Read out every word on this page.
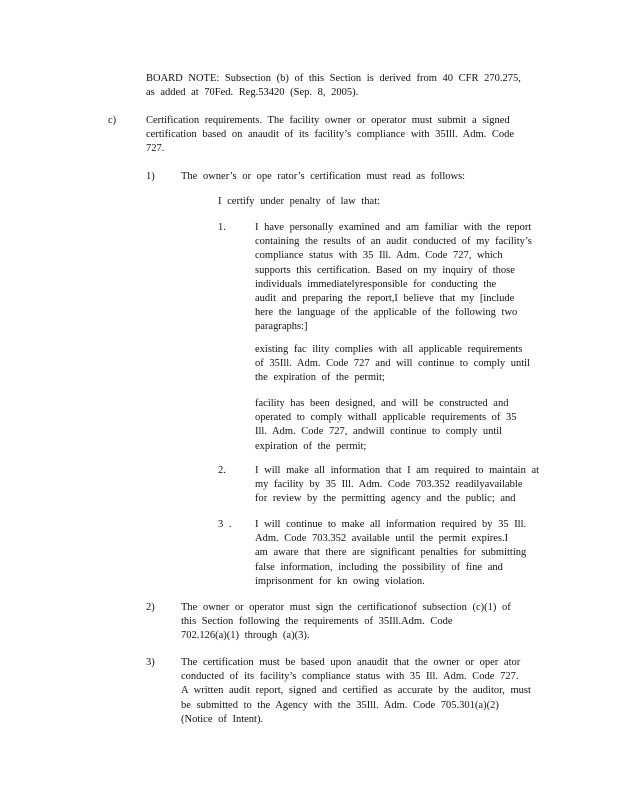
BOARD NOTE: Subsection (b) of this Section is derived from 40 CFR 270.275,
as added at 70Fed. Reg.53420 (Sep. 8, 2005).
c)	Certification requirements. The facility owner or operator must submit a signed
certification based on anaudit of its facility’s compliance with 35Ill. Adm. Code
727.
1)	The owner’s or ope rator’s certification must read as follows:
I certify under penalty of law that:
1.	I have personally examined and am familiar with the report
containing the results of an audit conducted of my facility’s
compliance status with 35 Ill. Adm. Code 727, which
supports this certification. Based on my inquiry of those
individuals immediatelyresponsible for conducting the
audit and preparing the report,I believe that my [include
here the language of the applicable of the following two
paragraphs:]
existing fac ility complies with all applicable requirements
of 35Ill. Adm. Code 727 and will continue to comply until
the expiration of the permit;
facility has been designed, and will be constructed and
operated to comply withall applicable requirements of 35
Ill. Adm. Code 727, andwill continue to comply until
expiration of the permit;
2.	I will make all information that I am required to maintain at
my facility by 35 Ill. Adm. Code 703.352 readilyavailable
for review by the permitting agency and the public; and
3 . I will continue to make all information required by 35 Ill.
Adm. Code 703.352 available until the permit expires.I
am aware that there are significant penalties for submitting
false information, including the possibility of fine and
imprisonment for kn owing violation.
2)	The owner or operator must sign the certificationof subsection (c)(1) of
this Section following the requirements of 35Ill.Adm. Code
702.126(a)(1) through (a)(3).
3)	The certification must be based upon anaudit that the owner or oper ator
conducted of its facility’s compliance status with 35 Ill. Adm. Code 727.
A written audit report, signed and certified as accurate by the auditor, must
be submitted to the Agency with the 35Ill. Adm. Code 705.301(a)(2)
(Notice of Intent).
